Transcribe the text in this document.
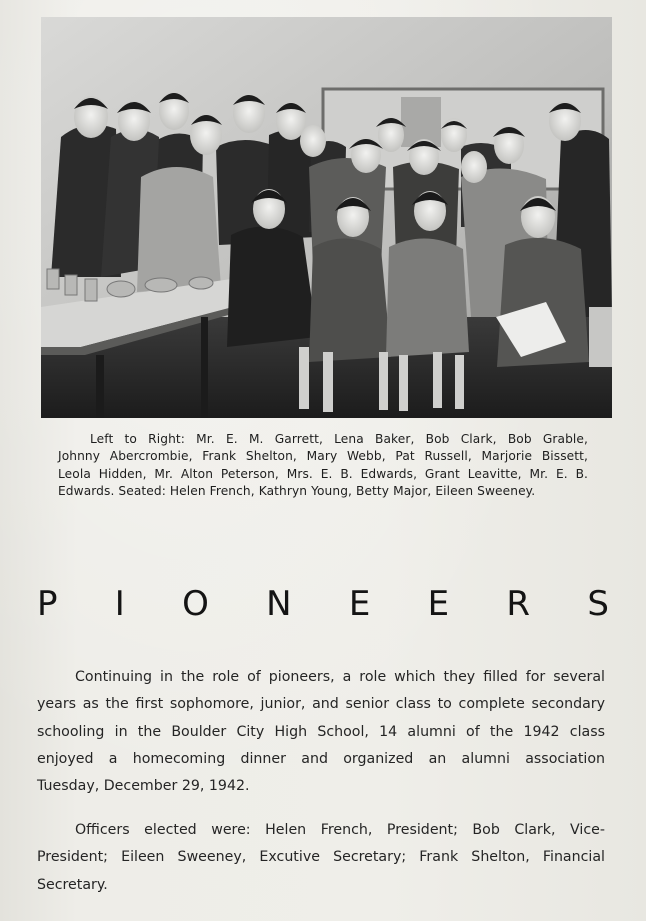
Left to Right: Mr. E. M. Garrett, Lena Baker, Bob Clark, Bob Grable,
Johnny Abercrombie, Frank Shelton, Mary Webb, Pat Russell, Marjorie Bissett,
Leola Hidden, Mr. Alton Peterson, Mrs. E. B. Edwards, Grant Leavitte, Mr. E. B.
Edwards. Seated: Helen French, Kathryn Young, Betty Major, Eileen Sweeney.
P I O N E E R S
Continuing in the role of pioneers, a role which they filled for several
years as the first sophomore, junior, and senior class to complete secondary
schooling in the Boulder City High School, 14 alumni of the 1942 class
enjoyed a homecoming dinner and organized an alumni association
Tuesday, December 29, 1942.
Officers elected were: Helen French, President; Bob Clark, Vice-
President; Eileen Sweeney, Excutive Secretary; Frank Shelton, Financial
Secretary.
